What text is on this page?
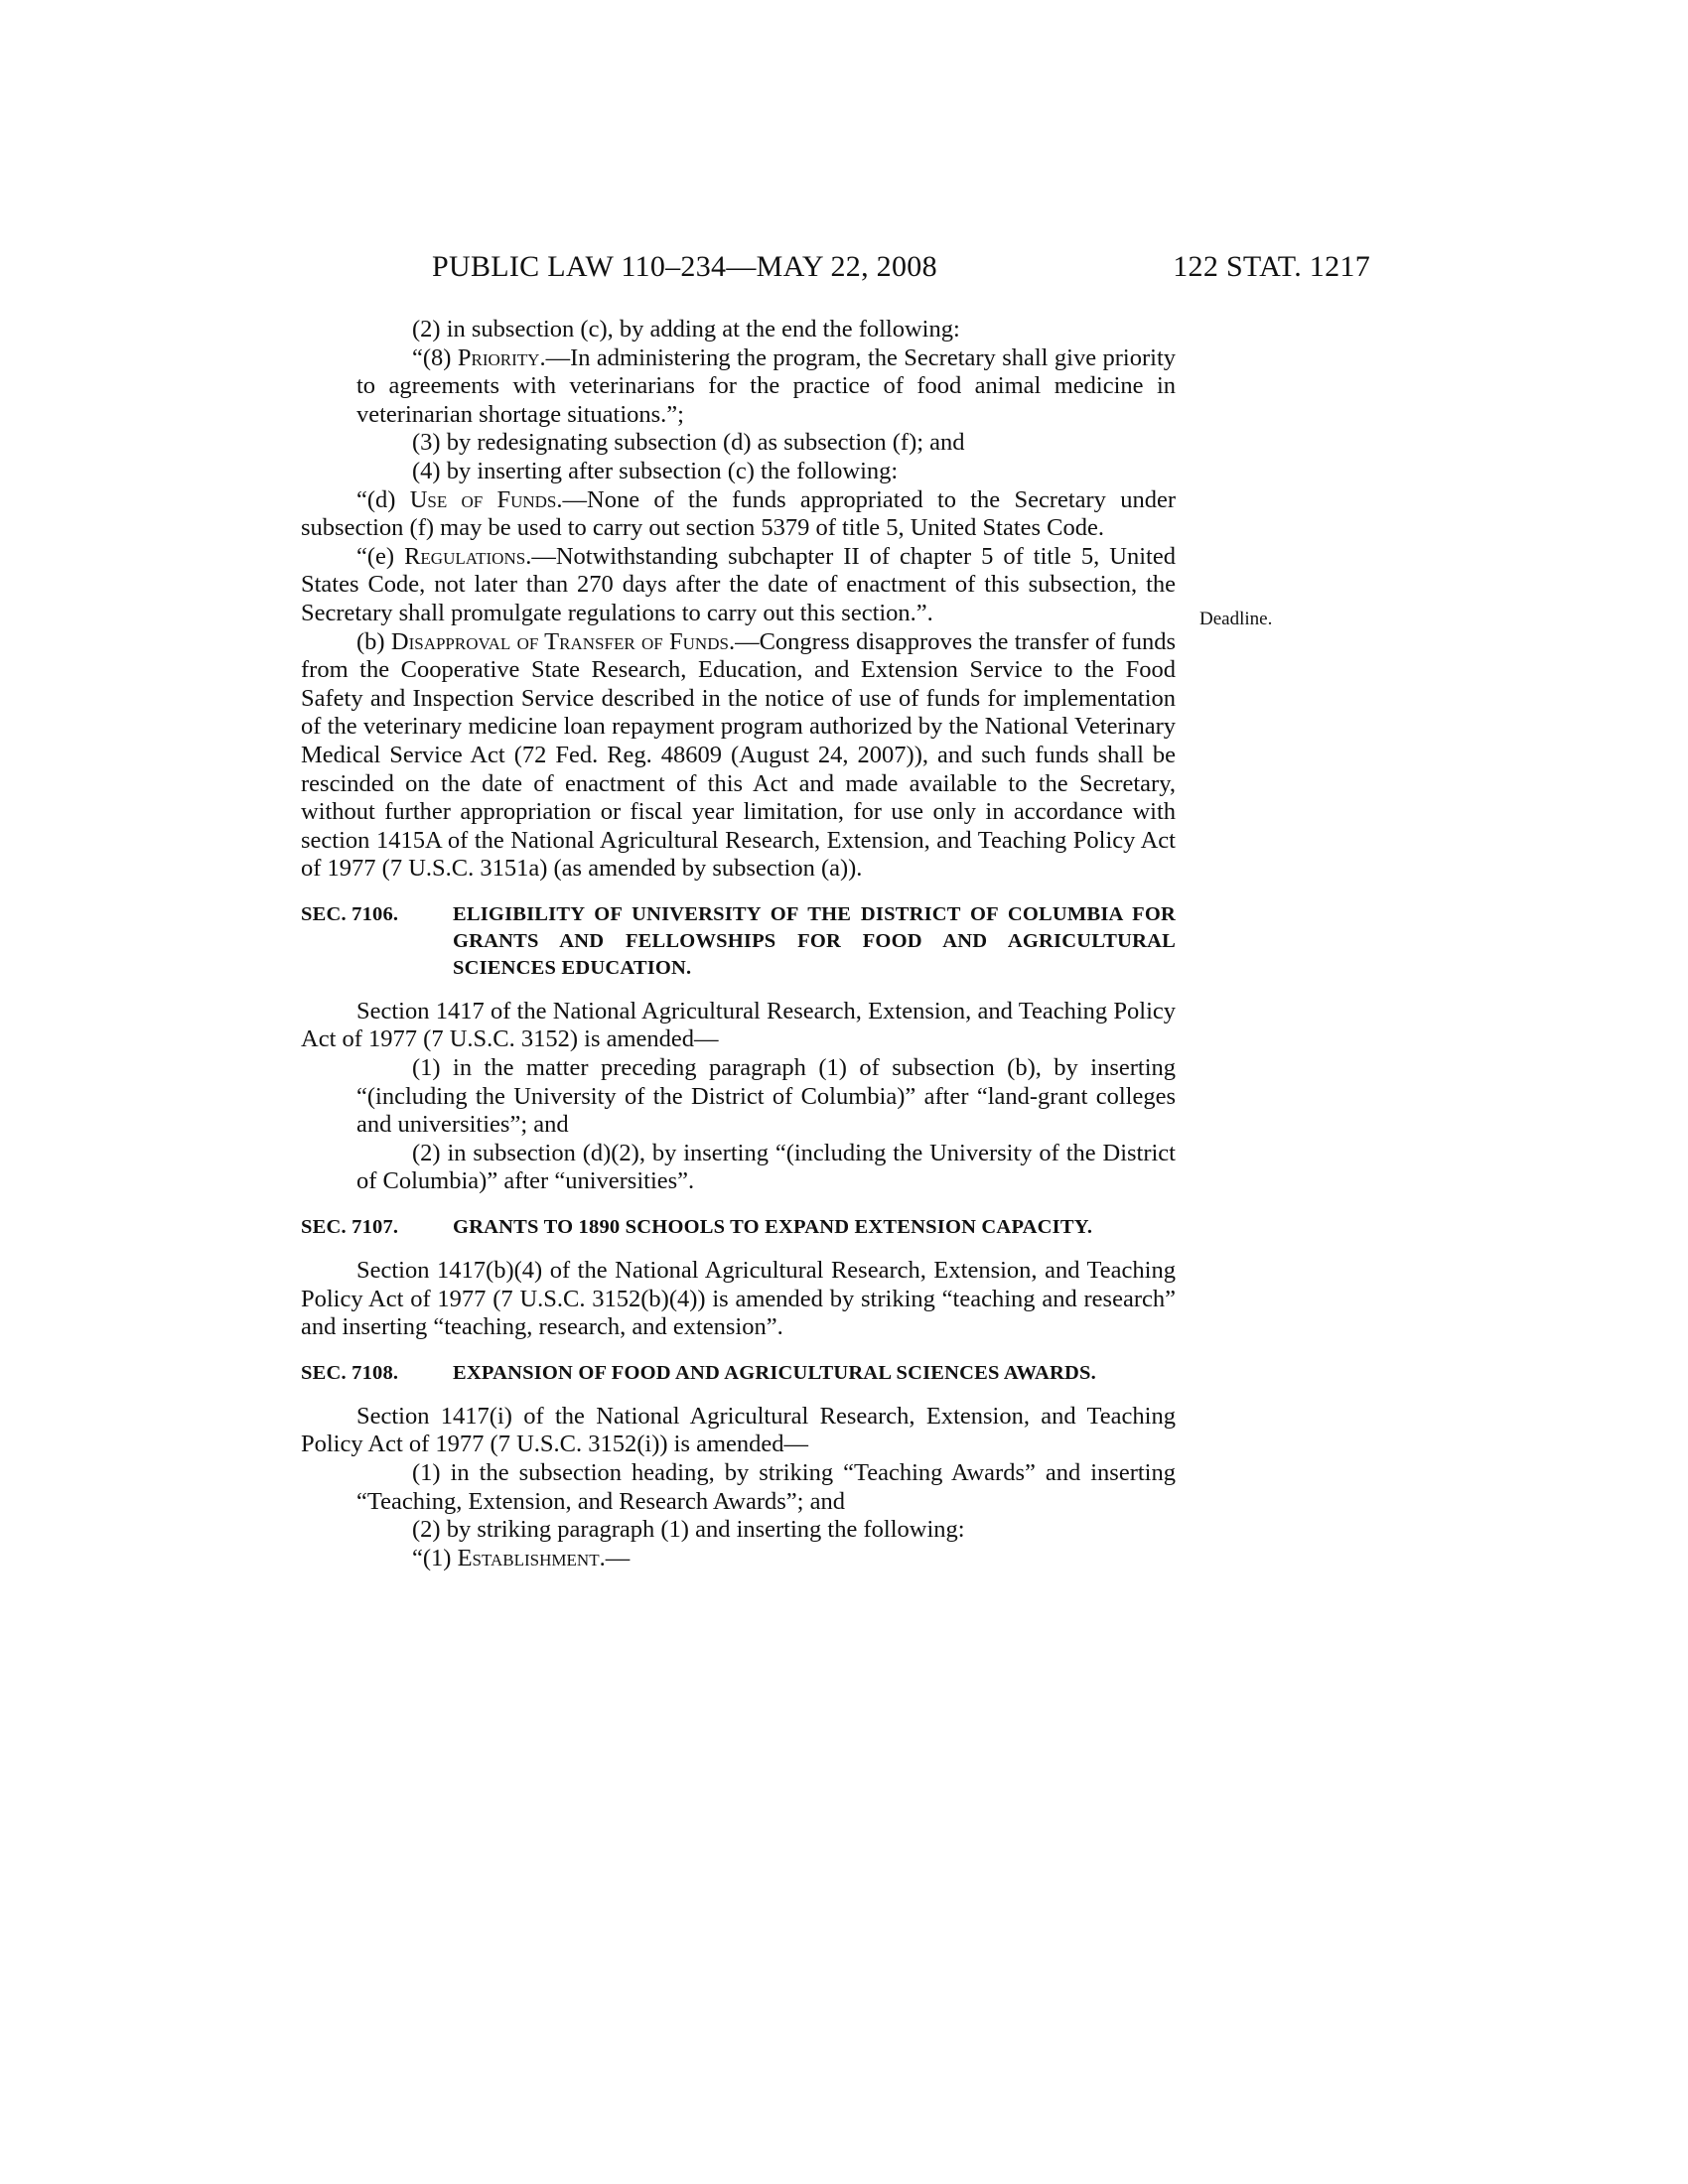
PUBLIC LAW 110–234—MAY 22, 2008	122 STAT. 1217
Deadline.

(2) in subsection (c), by adding at the end the following:

“(8) Priority.—In administering the program, the Secretary shall give priority to agreements with veterinarians for the practice of food animal medicine in veterinarian shortage situations.”;

(3) by redesignating subsection (d) as subsection (f); and

(4) by inserting after subsection (c) the following:

“(d) Use of Funds.—None of the funds appropriated to the Secretary under subsection (f) may be used to carry out section 5379 of title 5, United States Code.

“(e) Regulations.—Notwithstanding subchapter II of chapter 5 of title 5, United States Code, not later than 270 days after the date of enactment of this subsection, the Secretary shall promulgate regulations to carry out this section.”.

(b) Disapproval of Transfer of Funds.—Congress disapproves the transfer of funds from the Cooperative State Research, Education, and Extension Service to the Food Safety and Inspection Service described in the notice of use of funds for implementation of the veterinary medicine loan repayment program authorized by the National Veterinary Medical Service Act (72 Fed. Reg. 48609 (August 24, 2007)), and such funds shall be rescinded on the date of enactment of this Act and made available to the Secretary, without further appropriation or fiscal year limitation, for use only in accordance with section 1415A of the National Agricultural Research, Extension, and Teaching Policy Act of 1977 (7 U.S.C. 3151a) (as amended by subsection (a)).

SEC. 7106.	ELIGIBILITY OF UNIVERSITY OF THE DISTRICT OF COLUMBIA FOR GRANTS AND FELLOWSHIPS FOR FOOD AND AGRICULTURAL SCIENCES EDUCATION.

Section 1417 of the National Agricultural Research, Extension, and Teaching Policy Act of 1977 (7 U.S.C. 3152) is amended—

(1) in the matter preceding paragraph (1) of subsection (b), by inserting “(including the University of the District of Columbia)” after “land-grant colleges and universities”; and

(2) in subsection (d)(2), by inserting “(including the University of the District of Columbia)” after “universities”.

SEC. 7107.	GRANTS TO 1890 SCHOOLS TO EXPAND EXTENSION CAPACITY.

Section 1417(b)(4) of the National Agricultural Research, Extension, and Teaching Policy Act of 1977 (7 U.S.C. 3152(b)(4)) is amended by striking “teaching and research” and inserting “teaching, research, and extension”.

SEC. 7108.	EXPANSION OF FOOD AND AGRICULTURAL SCIENCES AWARDS.

Section 1417(i) of the National Agricultural Research, Extension, and Teaching Policy Act of 1977 (7 U.S.C. 3152(i)) is amended—

(1) in the subsection heading, by striking “Teaching Awards” and inserting “Teaching, Extension, and Research Awards”; and

(2) by striking paragraph (1) and inserting the following:

“(1) Establishment.—
